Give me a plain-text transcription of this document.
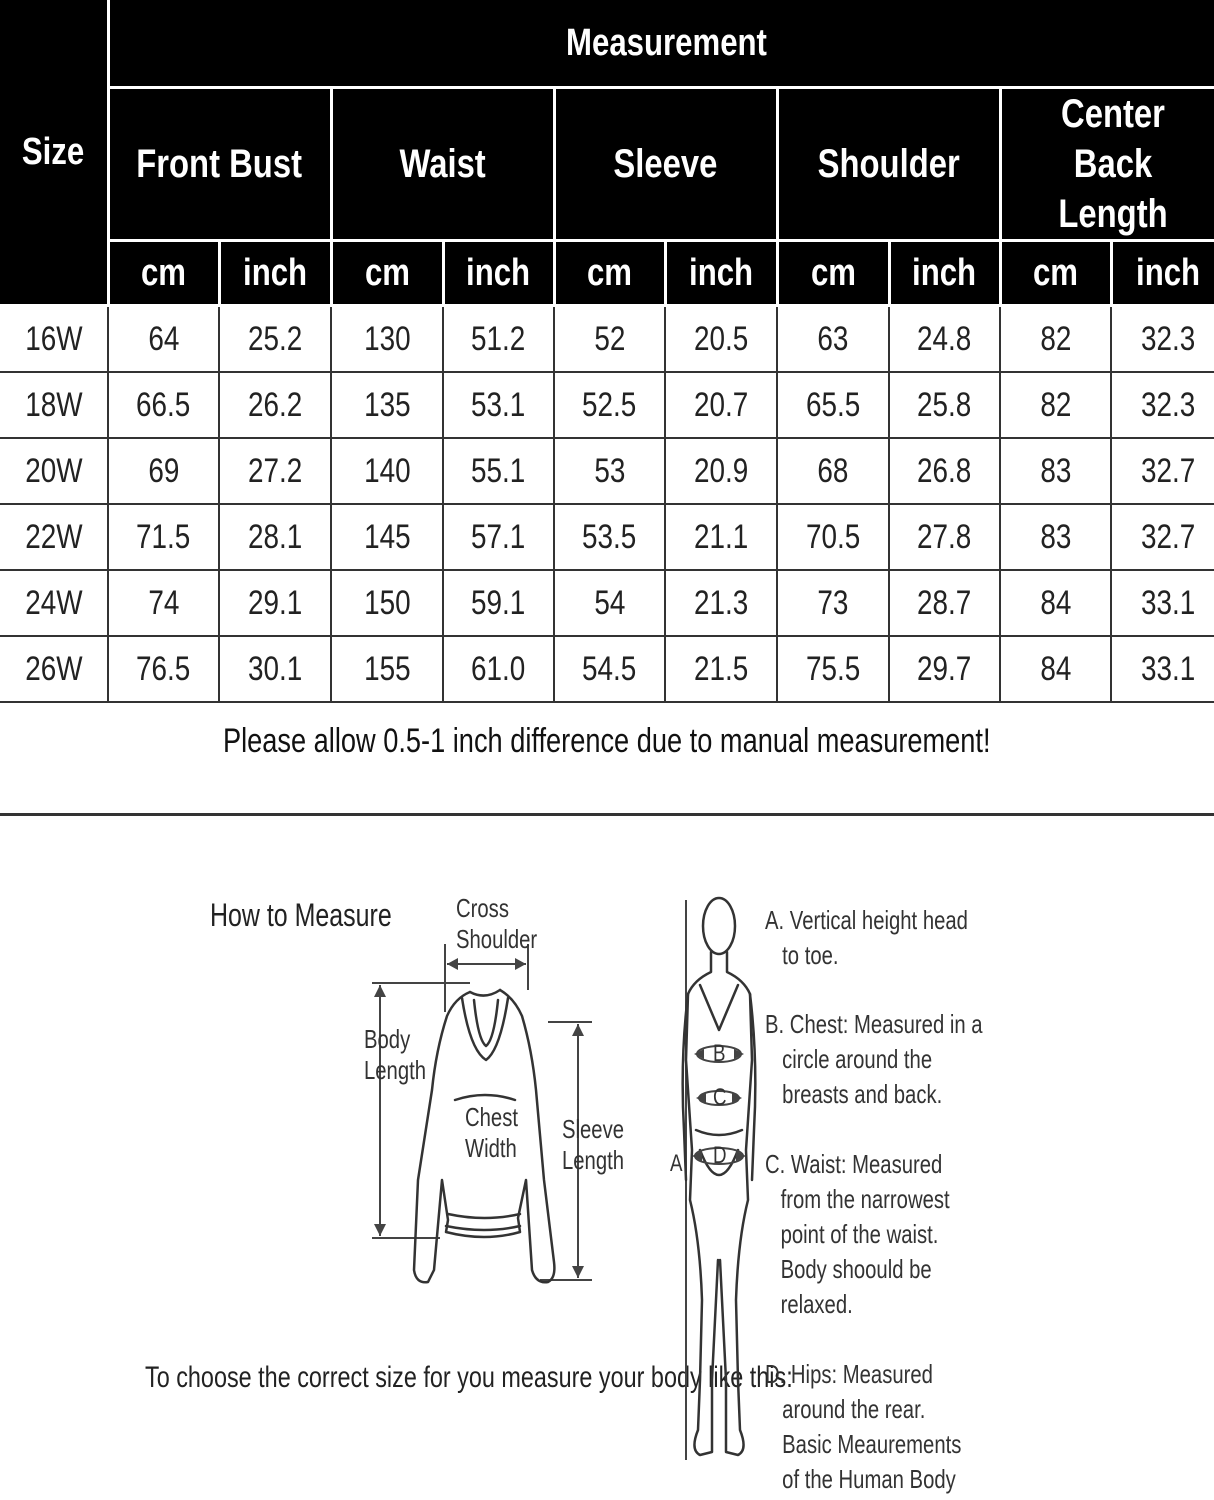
Size	Measurement									
	Front Bust		Waist		Sleeve		Shoulder		Center Back Length	
	cm	inch	cm	inch	cm	inch	cm	inch	cm	inch
16W	64	25.2	130	51.2	52	20.5	63	24.8	82	32.3
18W	66.5	26.2	135	53.1	52.5	20.7	65.5	25.8	82	32.3
20W	69	27.2	140	55.1	53	20.9	68	26.8	83	32.7
22W	71.5	28.1	145	57.1	53.5	21.1	70.5	27.8	83	32.7
24W	74	29.1	150	59.1	54	21.3	73	28.7	84	33.1
26W	76.5	30.1	155	61.0	54.5	21.5	75.5	29.7	84	33.1
Please allow 0.5-1 inch difference due to manual measurement!
How to Measure
To choose the correct size for you measure your body like this:
Cross
Shoulder
Body
Length
Chest
Width
Sleeve
Length
B
C
D
A
A. Vertical height head
to toe.
B. Chest: Measured in a
circle around the
breasts and back.
C. Waist: Measured
from the narrowest
point of the waist.
Body shoould be
relaxed.
D. Hips: Measured
around the rear.
Basic Meaurements
of the Human Body
